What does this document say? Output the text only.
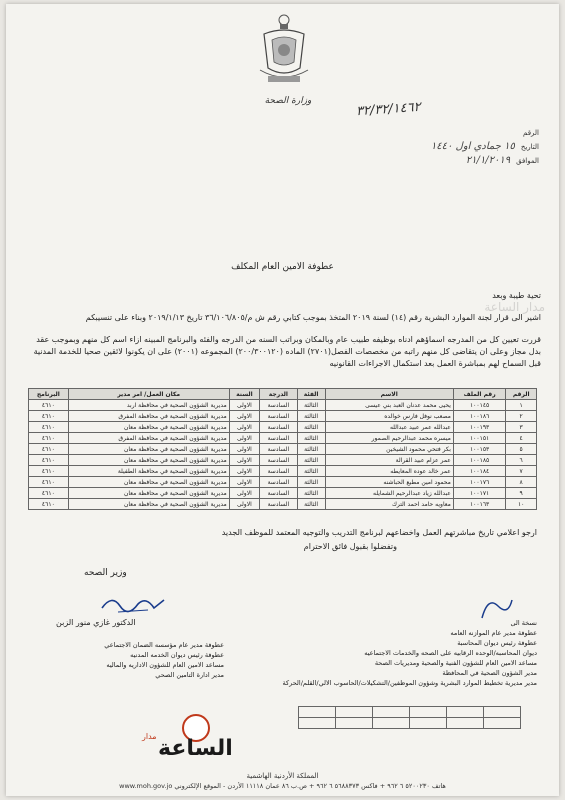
وزارة الصحة	٣٢/٣٢/١٤٦٢
الرقم
التاريخ١٥ جمادي اول ١٤٤٠
الموافق٢١/١/٢٠١٩
عطوفة الامين العام المكلف

تحية طيبة وبعد

اشير الى قرار لجنة الموارد البشرية رقم (١٤) لسنة ٢٠١٩ المتخذ بموجب كتابي رقم ش م/٣٦/١٠٦/٨٠٥ تاريخ ٢٠١٩/١/١٣ وبناء على تنسيبكم

قررت تعيين كل من المدرجه اسماؤهم ادناه بوظيفه طبيب عام وبالمكان وبراتب السنه من الدرجه والفئه والبرنامج المبينه ازاء اسم كل منهم وبموجب عقد بدل مجاز وعلى ان يتقاضى كل منهم راتبه من مخصصات الفصل(٢٧٠١) الماده (٢٠٠/٣٠٠١٢٠) المجموعه (٢٠٠١) على ان يكونوا لائقين صحيا للخدمة المدنية قبل السماح لهم بمباشرة العمل بعد استكمال الاجراءات القانونيه

الرقم	رقم الملف	الاسم	الفئة	الدرجة	السنة	مكان العمل/ امر مدير	البرنامج
١	١٠٠١٤٥	يحيى محمد عدنان العبد بني عيسى	الثالثة	السادسة	الاولى	مديرية الشؤون الصحية في محافظة اربد	٤٦١٠
٢	١٠٠١٨٦	مصعب نوفل فارس خوالده	الثالثة	السادسة	الاولى	مديرية الشؤون الصحية في محافظة المفرق	٤٦١٠
٣	١٠٠١٩٣	عبدالله عمر عبيد عبدالله	الثالثة	السادسة	الاولى	مديرية الشؤون الصحية في محافظة معان	٤٦١٠
٤	١٠٠١٥١	ميسره محمد عبدالرحيم الصمور	الثالثة	السادسة	الاولى	مديرية الشؤون الصحية في محافظة المفرق	٤٦١٠
٥	١٠٠١٥٣	بكر فتحي محمود الشيخين	الثالثة	السادسة	الاولى	مديرية الشؤون الصحية في محافظة معان	٤٦١٠
٦	١٠٠١٨٥	عمر عزام عبيد القرالة	الثالثة	السادسة	الاولى	مديرية الشؤون الصحية في محافظة معان	٤٦١٠
٧	١٠٠١٨٤	عمر خالد عوده المعايطه	الثالثة	السادسة	الاولى	مديرية الشؤون الصحية في محافظة الطفيلة	٤٦١٠
٨	١٠٠١٧٦	محمود امين مطيع الحباشنه	الثالثة	السادسة	الاولى	مديرية الشؤون الصحية في محافظة معان	٤٦١٠
٩	١٠٠١٧١	عبدالله زياد عبدالرحيم الشمايله	الثالثة	السادسة	الاولى	مديرية الشؤون الصحية في محافظة معان	٤٦١٠
١٠	١٠٠١٦٣	معاويه حامد احمد الترك	الثالثة	السادسة	الاولى	مديرية الشؤون الصحية في محافظة معان	٤٦١٠
ارجو اعلامي تاريخ مباشرتهم العمل واخضاعهم لبرنامج التدريب والتوجيه المعتمد للموظف الجديد
وتفضلوا بقبول فائق الاحترام
وزير الصحه
الدكتور غازي منور الزبن
عطوفة مدير عام مؤسسه الضمان الاجتماعي
عطوفة رئيس ديوان الخدمه المدنيه
مساعد الامين العام للشؤون الاداريه والماليه
مدير ادارة التامين الصحي
نسخة الى
عطوفة مدير عام الموازنه العامه
عطوفة رئيس ديوان المحاسبة
ديوان المحاسبه/الوحده الرقابيه على الصحه والخدمات الاجتماعيه
مساعد الامين العام للشؤون الفنية والصحية ومديريات الصحة
مدير الشؤون الصحية في المحافظة
مدير مديرية تخطيط الموارد البشرية وشؤون الموظفين/التشكيلات/الحاسوب الالي/القلم/الحركة

مدار الساعة
مدار الساعة
المملكة الأردنية الهاشمية
هاتف ٥٢٠٠٢٣٠ ٦ ٩٦٢ + فاكس ٥٦٨٨٣٧٣ ٦ ٩٦٢ + ص.ب ٨٦ عمان ١١١١٨ الأردن - الموقع الإلكتروني www.moh.gov.jo
